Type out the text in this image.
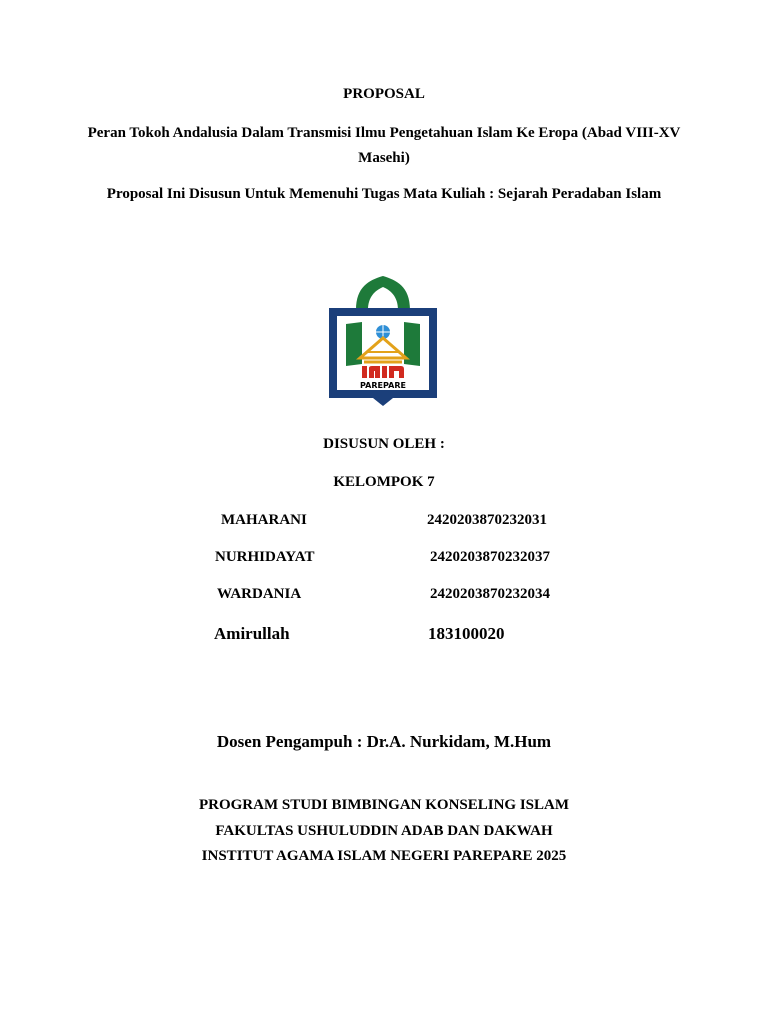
PROPOSAL
Peran Tokoh Andalusia Dalam Transmisi Ilmu Pengetahuan Islam Ke Eropa (Abad VIII-XV Masehi)
Proposal Ini Disusun Untuk Memenuhi Tugas Mata Kuliah : Sejarah Peradaban Islam
PAREPARE
DISUSUN OLEH :
KELOMPOK 7
MAHARANI	2420203870232031
NURHIDAYAT	2420203870232037
WARDANIA	2420203870232034
Amirullah	183100020
Dosen Pengampuh : Dr.A. Nurkidam, M.Hum
PROGRAM STUDI BIMBINGAN KONSELING ISLAM
FAKULTAS USHULUDDIN ADAB DAN DAKWAH
INSTITUT AGAMA ISLAM NEGERI PAREPARE 2025
